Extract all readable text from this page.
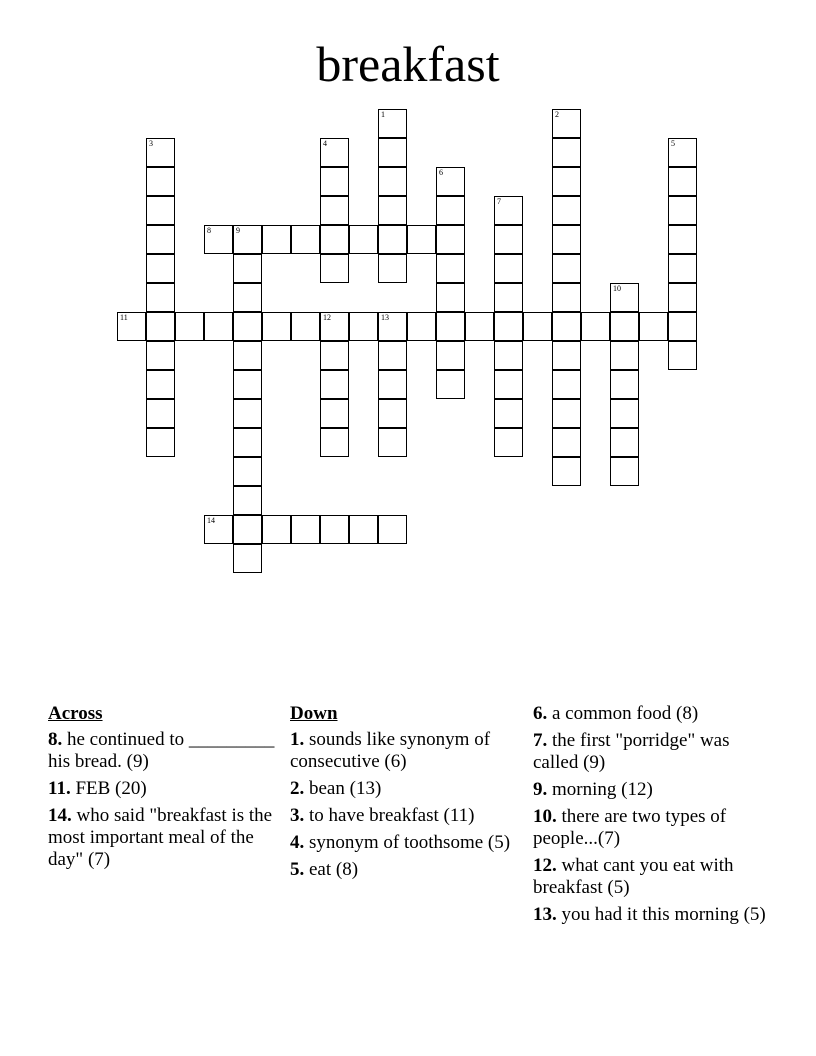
breakfast
1	2
3	4	5
6
7
8	9
10
11	12	13
14
Across
8. he continued to _________ his bread. (9)
11. FEB (20)
14. who said "breakfast is the most important meal of the day" (7)
Down
1. sounds like synonym of consecutive (6)
2. bean (13)
3. to have breakfast (11)
4. synonym of toothsome (5)
5. eat (8)
6. a common food (8)
7. the first "porridge" was called (9)
9. morning (12)
10. there are two types of people...(7)
12. what cant you eat with breakfast (5)
13. you had it this morning (5)
